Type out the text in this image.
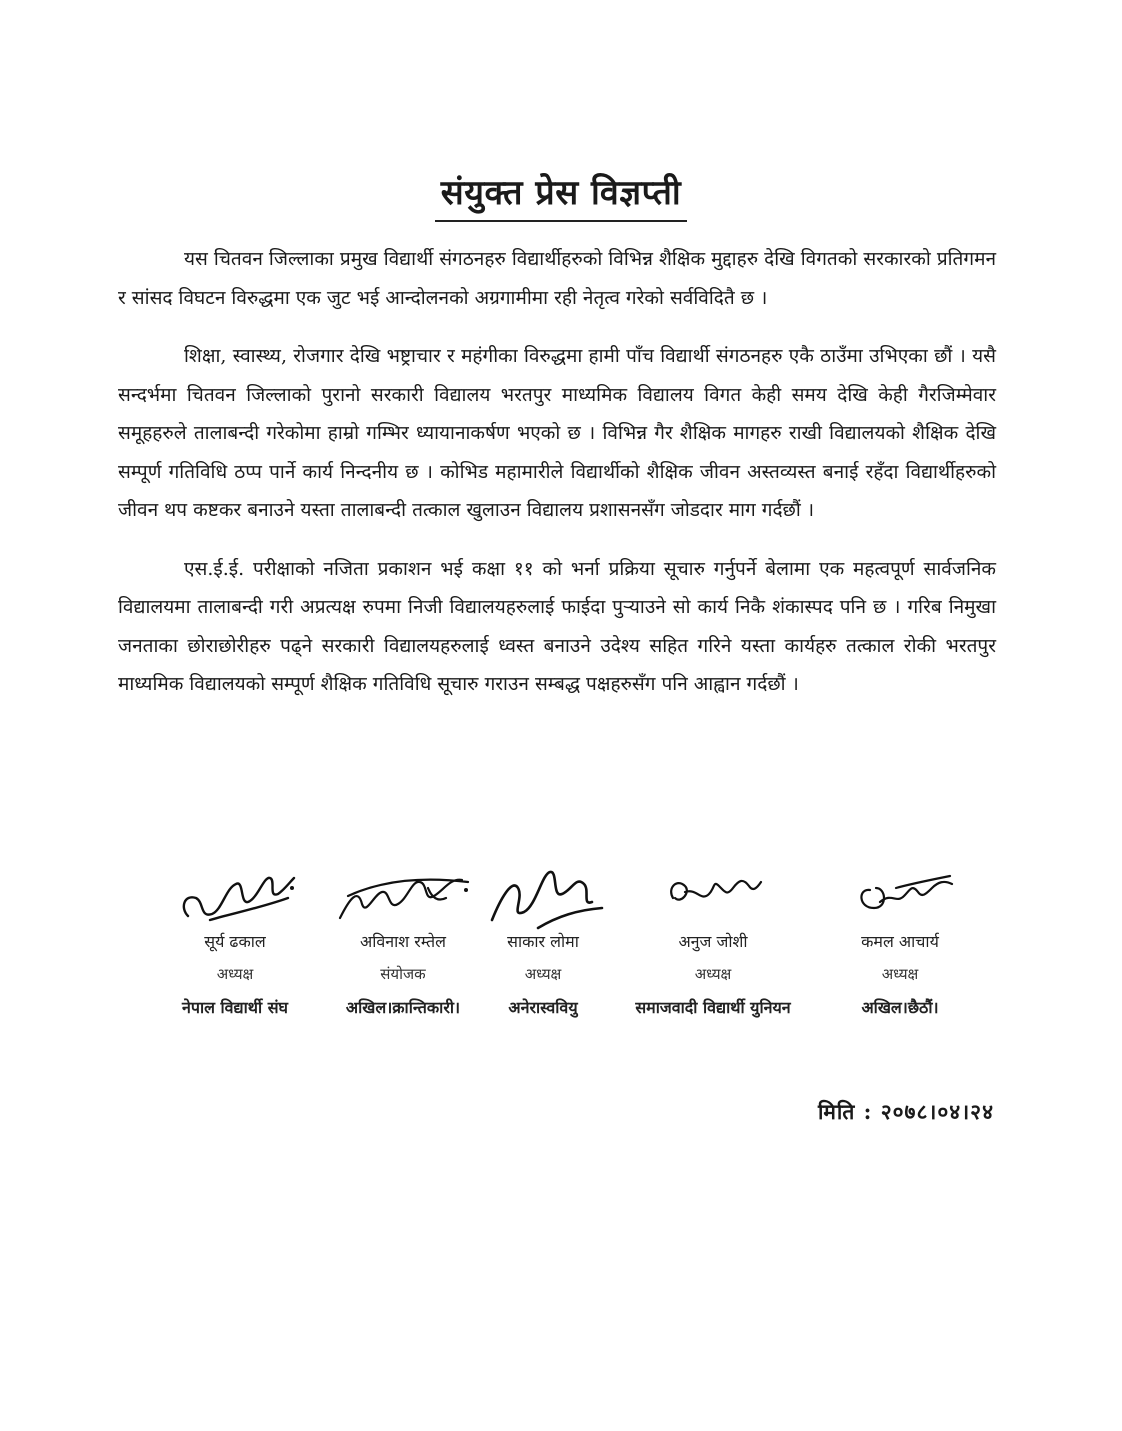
संयुक्त प्रेस विज्ञप्ती

यस चितवन जिल्लाका प्रमुख विद्यार्थी संगठनहरु विद्यार्थीहरुको विभिन्न शैक्षिक मुद्दाहरु देखि विगतको सरकारको प्रतिगमन र सांसद विघटन विरुद्धमा एक जुट भई आन्दोलनको अग्रगामीमा रही नेतृत्व गरेको सर्वविदितै छ ।

शिक्षा, स्वास्थ्य, रोजगार देखि भष्ट्राचार र महंगीका विरुद्धमा हामी पाँच विद्यार्थी संगठनहरु एकै ठाउँमा उभिएका छौं । यसै सन्दर्भमा चितवन जिल्लाको पुरानो सरकारी विद्यालय भरतपुर माध्यमिक विद्यालय विगत केही समय देखि केही गैरजिम्मेवार समूहहरुले तालाबन्दी गरेकोमा हाम्रो गम्भिर ध्यायानाकर्षण भएको छ । विभिन्न गैर शैक्षिक मागहरु राखी विद्यालयको शैक्षिक देखि सम्पूर्ण गतिविधि ठप्प पार्ने कार्य निन्दनीय छ । कोभिड महामारीले विद्यार्थीको शैक्षिक जीवन अस्तव्यस्त बनाई रहँदा विद्यार्थीहरुको जीवन थप कष्टकर बनाउने यस्ता तालाबन्दी तत्काल खुलाउन विद्यालय प्रशासनसँग जोडदार माग गर्दछौं ।

एस.ई.ई. परीक्षाको नजिता प्रकाशन भई कक्षा ११ को भर्ना प्रक्रिया सूचारु गर्नुपर्ने बेलामा एक महत्वपूर्ण सार्वजनिक विद्यालयमा तालाबन्दी गरी अप्रत्यक्ष रुपमा निजी विद्यालयहरुलाई फाईदा पुऱ्याउने सो कार्य निकै शंकास्पद पनि छ । गरिब निमुखा जनताका छोराछोरीहरु पढ्ने सरकारी विद्यालयहरुलाई ध्वस्त बनाउने उदेश्य सहित गरिने यस्ता कार्यहरु तत्काल रोकी भरतपुर माध्यमिक विद्यालयको सम्पूर्ण शैक्षिक गतिविधि सूचारु गराउन सम्बद्ध पक्षहरुसँग पनि आह्वान गर्दछौं ।

सूर्य ढकाल
अध्यक्ष
नेपाल विद्यार्थी संघ
अविनाश रम्तेल
संयोजक
अखिल।क्रान्तिकारी।
साकार लोमा
अध्यक्ष
अनेरास्ववियु
अनुज जोशी
अध्यक्ष
समाजवादी विद्यार्थी युनियन
कमल आचार्य
अध्यक्ष
अखिल।छैठौं।
मिति : २०७८।०४।२४
